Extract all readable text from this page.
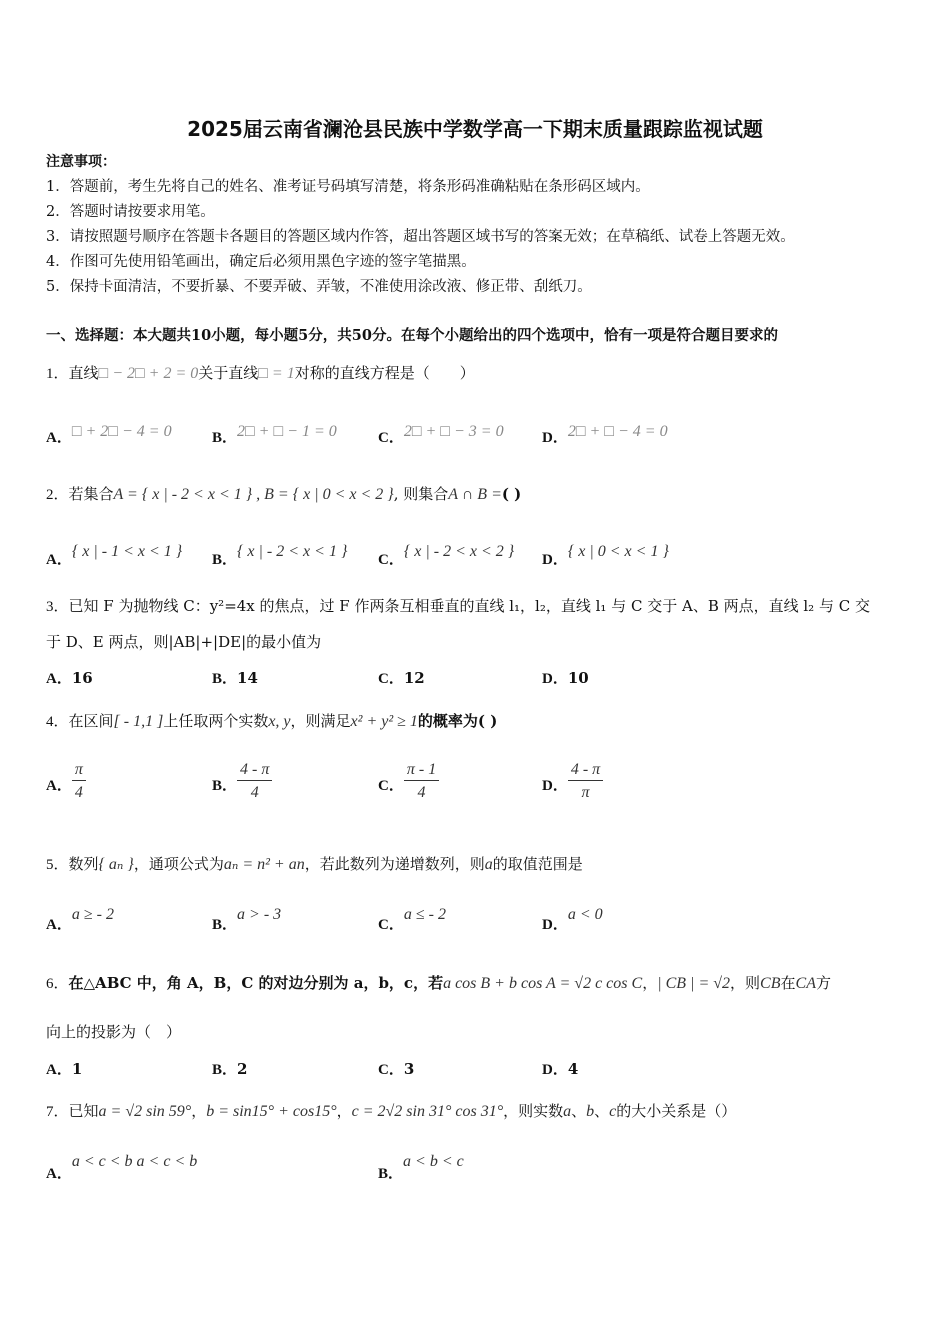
2025届云南省澜沧县民族中学数学高一下期末质量跟踪监视试题
注意事项：
1．答题前，考生先将自己的姓名、准考证号码填写清楚，将条形码准确粘贴在条形码区域内。
2．答题时请按要求用笔。
3．请按照题号顺序在答题卡各题目的答题区域内作答，超出答题区域书写的答案无效；在草稿纸、试卷上答题无效。
4．作图可先使用铅笔画出，确定后必须用黑色字迹的签字笔描黑。
5．保持卡面清洁，不要折暴、不要弄破、弄皱，不准使用涂改液、修正带、刮纸刀。
一、选择题：本大题共10小题，每小题5分，共50分。在每个小题给出的四个选项中，恰有一项是符合题目要求的
1．直线□ − 2□ + 2 = 0关于直线□ = 1对称的直线方程是（　　）
A．□ + 2□ − 4 = 0	B．2□ + □ − 1 = 0	C．2□ + □ − 3 = 0	D．2□ + □ − 4 = 0
2．若集合A = { x | - 2 < x < 1 } , B = { x | 0 < x < 2 }, 则集合A ∩ B =( )
A．{ x | - 1 < x < 1 } B．{ x | - 2 < x < 1 } C．{ x | - 2 < x < 2 } D．{ x | 0 < x < 1 }
3．已知 F 为抛物线 C：y²=4x 的焦点，过 F 作两条互相垂直的直线 l₁，l₂，直线 l₁ 与 C 交于 A、B 两点，直线 l₂ 与 C 交
于 D、E 两点，则|AB|+|DE|的最小值为
A．16	B．14	C．12	D．10
4．在区间[ - 1,1 ]上任取两个实数x, y，则满足x² + y² ≥ 1的概率为( )
A． $\frac{\pi}{4}$	B． $\frac{4 - \pi}{4}$	C． $\frac{\pi - 1}{4}$	D． $\frac{4 - \pi}{\pi}$
5．数列{ aₙ }，通项公式为aₙ = n² + an，若此数列为递增数列，则a的取值范围是
A．a ≥ - 2
B．a > - 3
C．a ≤ - 2
D．a < 0
6．在△ABC 中，角 A，B，C 的对边分别为 a，b，c，若a cos B + b cos A = √2 c cos C，| CB | = √2，则CB在CA方
向上的投影为（　）
A．1	B．2	C．3	D．4
7．已知a = √2 sin 59°，b = sin15° + cos15°，c = 2√2 sin 31° cos 31°，则实数a、b、c的大小关系是（）
A．a < c < b a < c < b
B．a < b < c
